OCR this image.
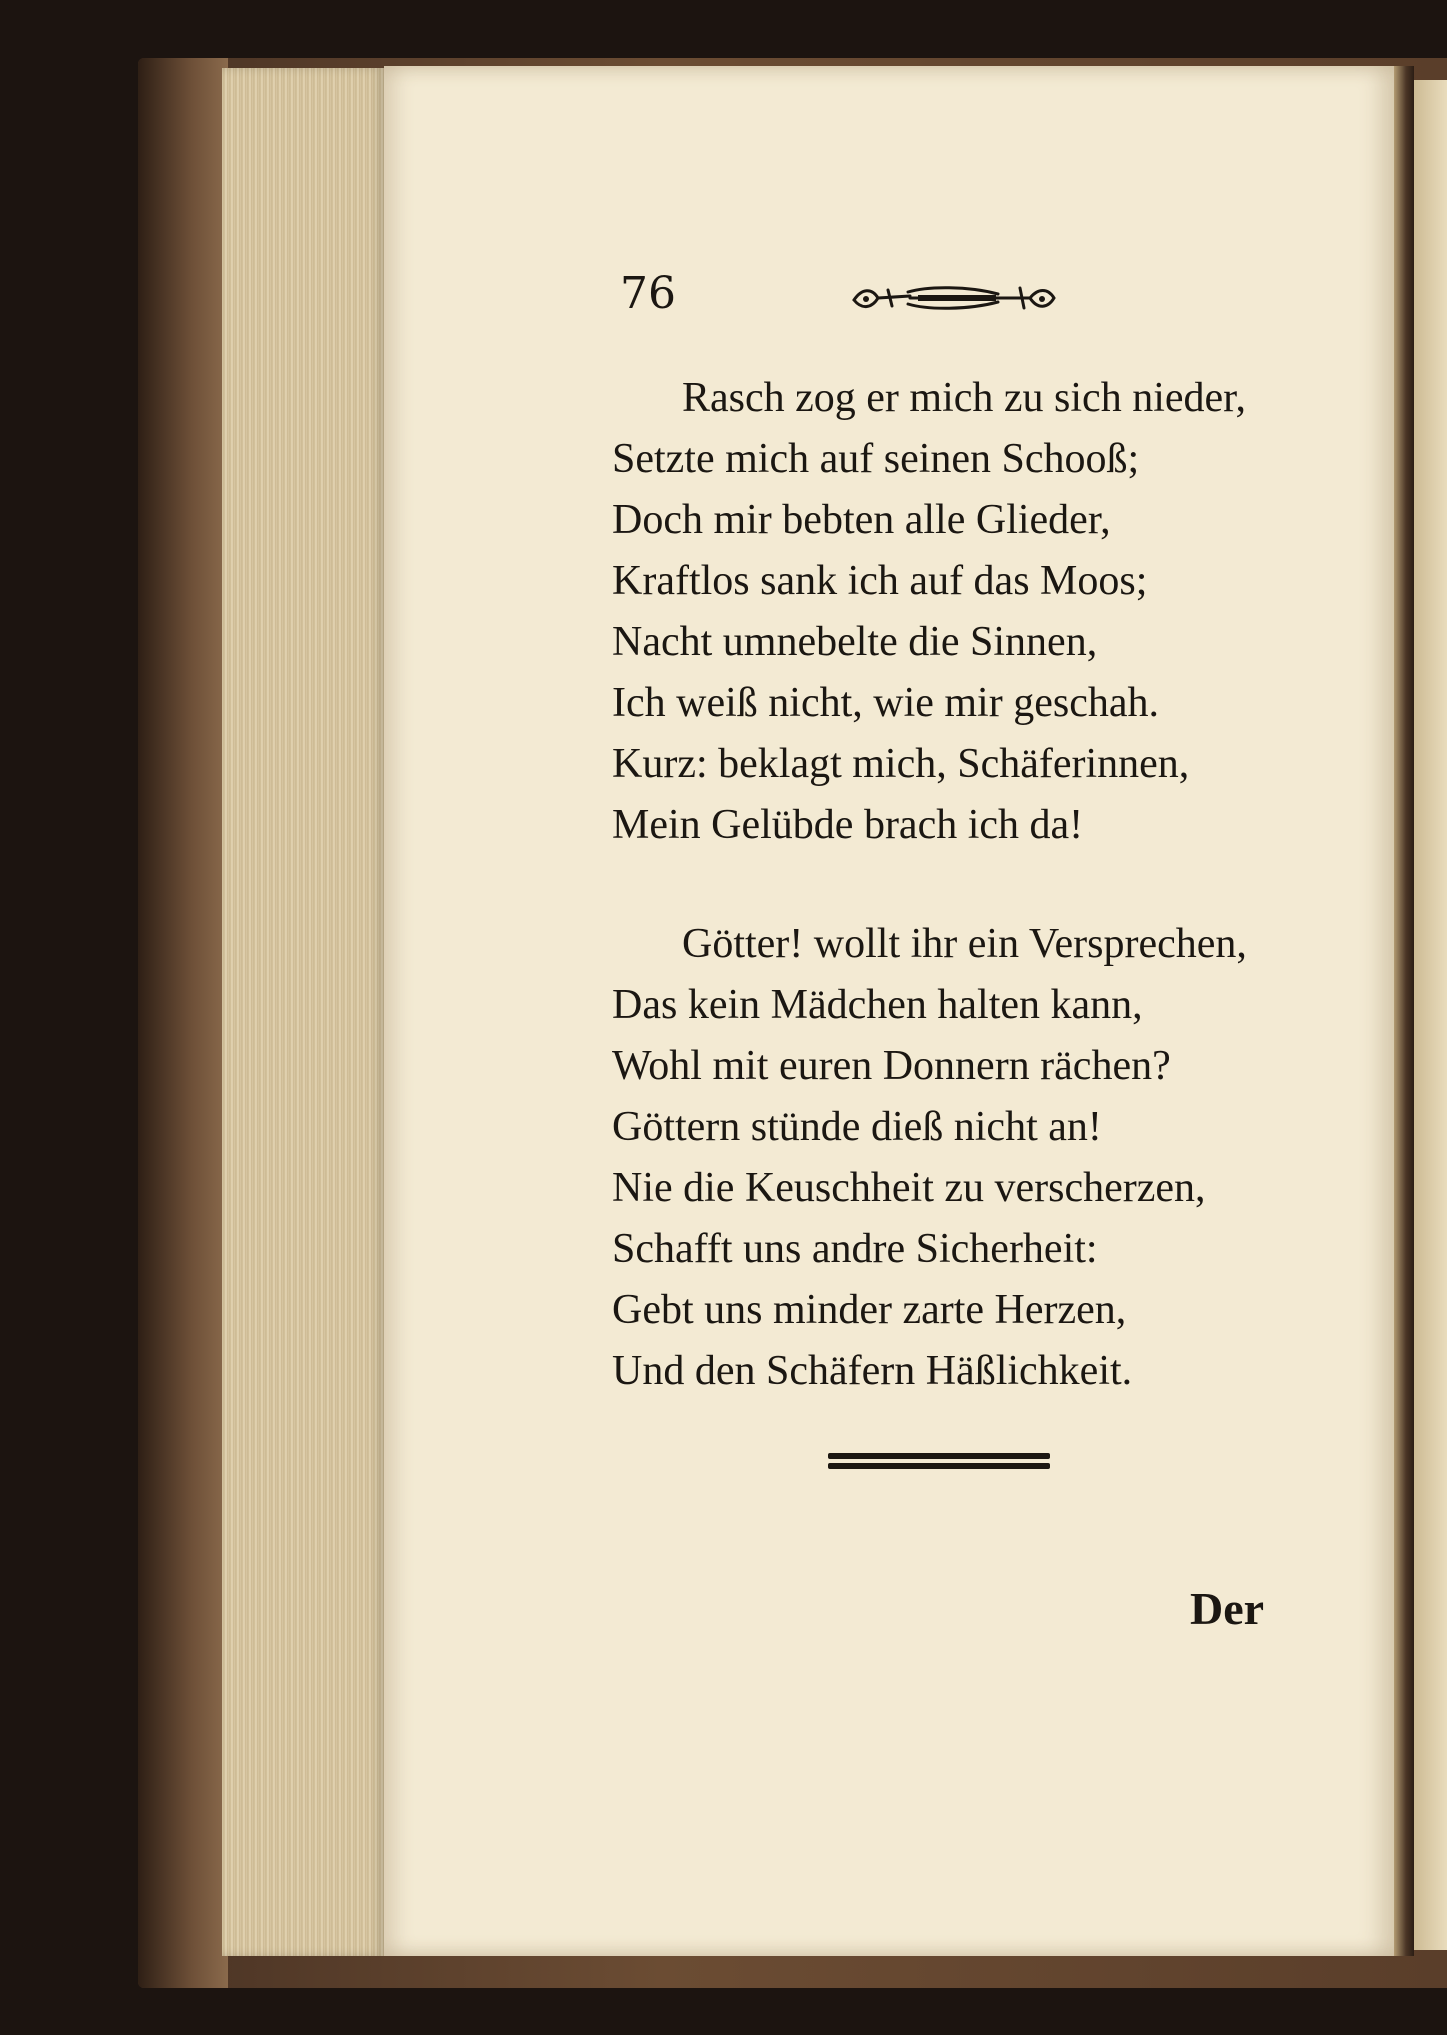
76
Rasch zog er mich zu sich nieder,
Setzte mich auf seinen Schooß;
Doch mir bebten alle Glieder,
Kraftlos sank ich auf das Moos;
Nacht umnebelte die Sinnen,
Ich weiß nicht, wie mir geschah.
Kurz: beklagt mich, Schäferinnen,
Mein Gelübde brach ich da!
Götter! wollt ihr ein Versprechen,
Das kein Mädchen halten kann,
Wohl mit euren Donnern rächen?
Göttern stünde dieß nicht an!
Nie die Keuschheit zu verscherzen,
Schafft uns andre Sicherheit:
Gebt uns minder zarte Herzen,
Und den Schäfern Häßlichkeit.
Der
